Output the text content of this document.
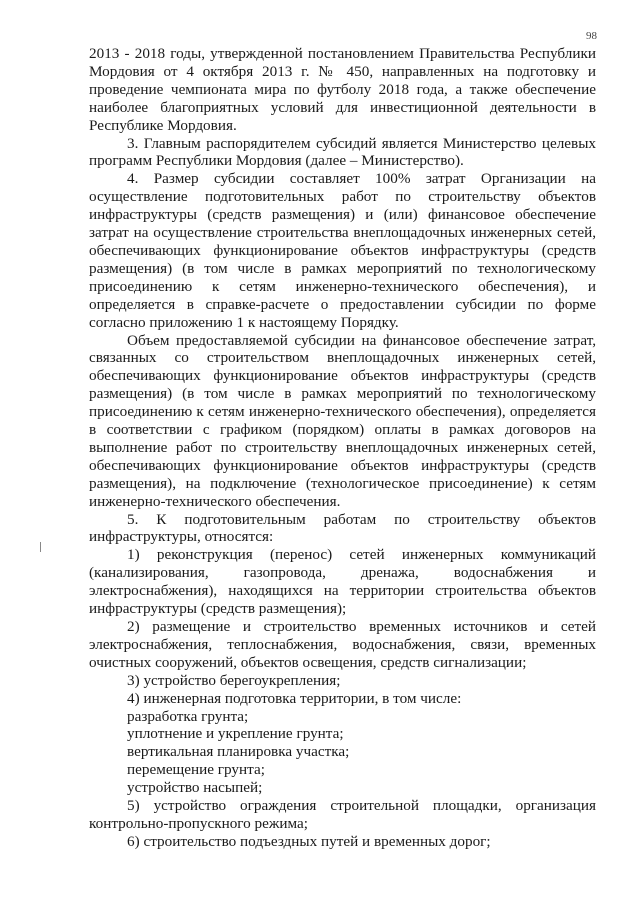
98

2013 - 2018 годы, утвержденной постановлением Правительства Республики Мордовия от 4 октября 2013 г. № 450, направленных на подготовку и проведение чемпионата мира по футболу 2018 года, а также обеспечение наиболее благоприятных условий для инвестиционной деятельности в Республике Мордовия.

3. Главным распорядителем субсидий является Министерство целевых программ Республики Мордовия (далее – Министерство).

4. Размер субсидии составляет 100% затрат Организации на осуществление подготовительных работ по строительству объектов инфраструктуры (средств размещения) и (или) финансовое обеспечение затрат на осуществление строительства внеплощадочных инженерных сетей, обеспечивающих функционирование объектов инфраструктуры (средств размещения) (в том числе в рамках мероприятий по технологическому присоединению к сетям инженерно-технического обеспечения), и определяется в справке-расчете о предоставлении субсидии по форме согласно приложению 1 к настоящему Порядку.

Объем предоставляемой субсидии на финансовое обеспечение затрат, связанных со строительством внеплощадочных инженерных сетей, обеспечивающих функционирование объектов инфраструктуры (средств размещения) (в том числе в рамках мероприятий по технологическому присоединению к сетям инженерно-технического обеспечения), определяется в соответствии с графиком (порядком) оплаты в рамках договоров на выполнение работ по строительству внеплощадочных инженерных сетей, обеспечивающих функционирование объектов инфраструктуры (средств размещения), на подключение (технологическое присоединение) к сетям инженерно-технического обеспечения.

5. К подготовительным работам по строительству объектов инфраструктуры, относятся:

1) реконструкция (перенос) сетей инженерных коммуникаций (канализирования, газопровода, дренажа, водоснабжения и электроснабжения), находящихся на территории строительства объектов инфраструктуры (средств размещения);

2) размещение и строительство временных источников и сетей электроснабжения, теплоснабжения, водоснабжения, связи, временных очистных сооружений, объектов освещения, средств сигнализации;

3) устройство берегоукрепления;

4) инженерная подготовка территории, в том числе:

разработка грунта;

уплотнение и укрепление грунта;

вертикальная планировка участка;

перемещение грунта;

устройство насыпей;

5) устройство ограждения строительной площадки, организация контрольно-пропускного режима;

6) строительство подъездных путей и временных дорог;
